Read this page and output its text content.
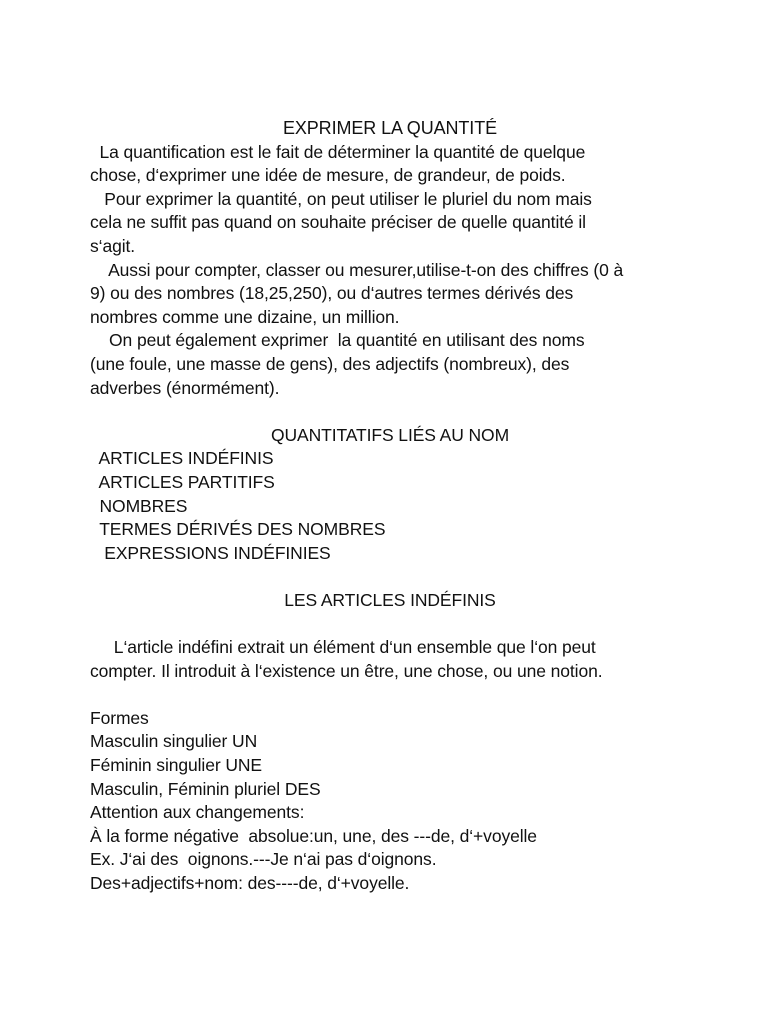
EXPRIMER LA QUANTITÉ
La quantification est le fait de déterminer la quantité de quelque
chose, d‘exprimer une idée de mesure, de grandeur, de poids.
Pour exprimer la quantité, on peut utiliser le pluriel du nom mais
cela ne suffit pas quand on souhaite préciser de quelle quantité il
s‘agit.
Aussi pour compter, classer ou mesurer,utilise-t-on des chiffres (0 à
9) ou des nombres (18,25,250), ou d‘autres termes dérivés des
nombres comme une dizaine, un million.
On peut également exprimer  la quantité en utilisant des noms
(une foule, une masse de gens), des adjectifs (nombreux), des
adverbes (énormément).
QUANTITATIFS LIÉS AU NOM
ARTICLES INDÉFINIS
ARTICLES PARTITIFS
NOMBRES
TERMES DÉRIVÉS DES NOMBRES
EXPRESSIONS INDÉFINIES
LES ARTICLES INDÉFINIS
L‘article indéfini extrait un élément d‘un ensemble que l‘on peut
compter. Il introduit à l‘existence un être, une chose, ou une notion.
Formes
Masculin singulier UN
Féminin singulier UNE
Masculin, Féminin pluriel DES
Attention aux changements:
À la forme négative  absolue:un, une, des ---de, d‘+voyelle
Ex. J‘ai des  oignons.---Je n‘ai pas d‘oignons.
Des+adjectifs+nom: des----de, d‘+voyelle.
